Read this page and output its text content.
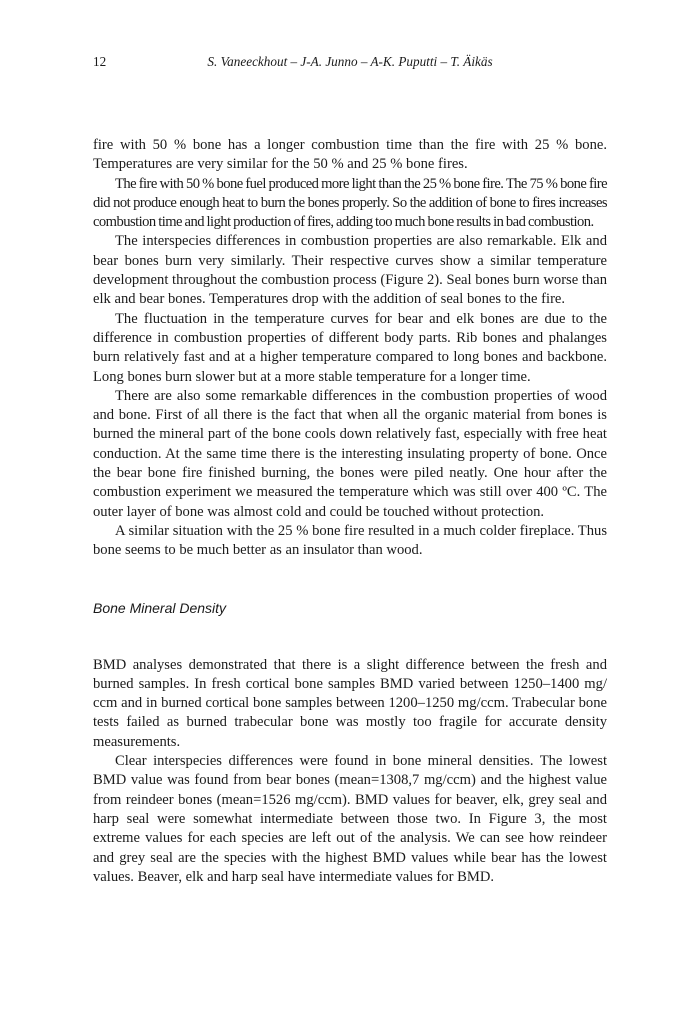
12	S. Vaneeckhout – J-A. Junno – A-K. Puputti – T. Äikäs

fire with 50 % bone has a longer combustion time than the fire with 25 % bone. Temperatures are very similar for the 50 % and 25 % bone fires.

The fire with 50 % bone fuel produced more light than the 25 % bone fire. The 75 % bone fire did not produce enough heat to burn the bones properly. So the addition of bone to fires increases combustion time and light production of fires, adding too much bone results in bad combustion.

The interspecies differences in combustion properties are also remarkable. Elk and bear bones burn very similarly. Their respective curves show a similar temperature development throughout the combustion process (Figure 2). Seal bones burn worse than elk and bear bones. Temperatures drop with the addition of seal bones to the fire.

The fluctuation in the temperature curves for bear and elk bones are due to the difference in combustion properties of different body parts. Rib bones and phalanges burn relatively fast and at a higher temperature compared to long bones and backbone. Long bones burn slower but at a more stable temperature for a longer time.

There are also some remarkable differences in the combustion properties of wood and bone. First of all there is the fact that when all the organic material from bones is burned the mineral part of the bone cools down relatively fast, especially with free heat conduction. At the same time there is the interesting insulating property of bone. Once the bear bone fire finished burning, the bones were piled neatly. One hour after the combustion experiment we measured the temperature which was still over 400 ºC. The outer layer of bone was almost cold and could be touched without protection.

A similar situation with the 25 % bone fire resulted in a much colder fireplace. Thus bone seems to be much better as an insulator than wood.

Bone Mineral Density

BMD analyses demonstrated that there is a slight difference between the fresh and burned samples. In fresh cortical bone samples BMD varied between 1250–1400 mg/ ccm and in burned cortical bone samples between 1200–1250 mg/ccm. Trabecular bone tests failed as burned trabecular bone was mostly too fragile for accurate density measurements.

Clear interspecies differences were found in bone mineral densities. The lowest BMD value was found from bear bones (mean=1308,7 mg/ccm) and the highest value from reindeer bones (mean=1526 mg/ccm). BMD values for beaver, elk, grey seal and harp seal were somewhat intermediate between those two. In Figure 3, the most extreme values for each species are left out of the analysis. We can see how reindeer and grey seal are the species with the highest BMD values while bear has the lowest values. Beaver, elk and harp seal have intermediate values for BMD.
